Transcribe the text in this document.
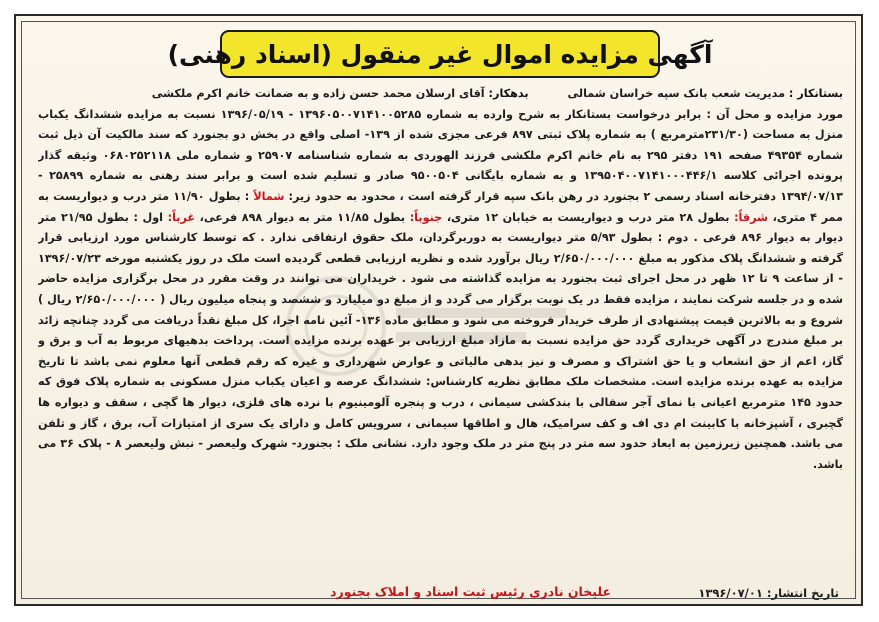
آگهی مزایده اموال غیر منقول (اسناد رهنی)

بستانکار : مدیریت شعب بانک سپه خراسان شمالی          بدهکار: آقای ارسلان محمد حسن زاده و به ضمانت خانم اکرم ملکشی

مورد مزایده و محل آن : برابر درخواست بستانکار به شرح وارده به شماره ۱۳۹۶۰۵۰۰۷۱۴۱۰۰۵۲۸۵ - ۱۳۹۶/۰۵/۱۹ نسبت به مزایده ششدانگ یکباب منزل به مساحت (۲۳۱/۳۰مترمربع ) به شماره پلاک ثبتی ۸۹۷ فرعی مجزی شده از ۱۳۹- اصلی واقع در بخش دو بجنورد که سند مالکیت آن ذیل ثبت شماره ۴۹۳۵۴ صفحه ۱۹۱ دفتر ۲۹۵ به نام خانم اکرم ملکشی فرزند الهوردی به شماره شناسنامه ۲۵۹۰۷ و شماره ملی ۰۶۸۰۲۵۲۱۱۸ وثیقه گذار پرونده اجرائی کلاسه ۱۳۹۵۰۴۰۰۷۱۴۱۰۰۰۴۴۶/۱ و به شماره بایگانی ۹۵۰۰۵۰۴ صادر و تسلیم شده است و برابر سند رهنی به شماره ۲۵۸۹۹ - ۱۳۹۴/۰۷/۱۳ دفترخانه اسناد رسمی ۲ بجنورد در رهن بانک سپه قرار گرفته است ، محدود به حدود زیر: شمالاً : بطول ۱۱/۹۰ متر درب و دیواریست به ممر ۴ متری، شرقاً: بطول ۲۸ متر درب و دیواریست به خیابان ۱۲ متری، جنوباً: بطول ۱۱/۸۵ متر به دیوار ۸۹۸ فرعی، غرباً: اول : بطول ۲۱/۹۵ متر دیوار به دیوار ۸۹۶ فرعی . دوم : بطول ۵/۹۳ متر دیواریست به دوربرگردان، ملک حقوق ارتفاقی ندارد . که توسط کارشناس مورد ارزیابی قرار گرفته و ششدانگ پلاک مذکور به مبلغ ۲/۶۵۰/۰۰۰/۰۰۰ ریال برآورد شده و نظریه ارزیابی قطعی گردیده است ملک در روز یکشنبه مورخه ۱۳۹۶/۰۷/۲۳ - از ساعت ۹ تا ۱۲ ظهر در محل اجرای ثبت بجنورد به مزایده گذاشته می شود . خریداران می توانند در وقت مقرر در محل برگزاری مزایده حاضر شده و در جلسه شرکت نمایند ، مزایده فقط در یک نوبت برگزار می گردد و از مبلغ دو میلیارد و ششصد و پنجاه میلیون ریال ( ۲/۶۵۰/۰۰۰/۰۰۰ ریال ) شروع و به بالاترین قیمت پیشنهادی از طرف خریدار فروخته می شود و مطابق ماده ۱۳۶- آئین نامه اجرا، کل مبلغ نقداً دریافت می گردد چنانچه زائد بر مبلغ مندرج در آگهی خریداری گردد حق مزایده نسبت به مازاد مبلغ ارزیابی بر عهده برنده مزایده است. پرداخت بدهیهای مربوط به آب و برق و گاز، اعم از حق انشعاب و یا حق اشتراک و مصرف و نیز بدهی مالیاتی و عوارض شهرداری و غیره که رقم قطعی آنها معلوم نمی باشد تا تاریخ مزایده به عهده برنده مزایده است. مشخصات ملک مطابق نظریه کارشناس: ششدانگ عرصه و اعیان یکباب منزل مسکونی به شماره پلاک فوق که حدود ۱۴۵ مترمربع اعیانی با نمای آجر سفالی با بندکشی سیمانی ، درب و پنجره آلومینیوم با نرده های فلزی، دیوار ها گچی ، سقف و دیواره ها گچبری ، آشپزخانه با کابینت ام دی اف و کف سرامیک، هال و اطاقها سیمانی ، سرویس کامل و دارای یک سری از امتیازات آب، برق ، گاز و تلفن می باشد. همچنین زیرزمین به ابعاد حدود سه متر در پنج متر در ملک وجود دارد. نشانی ملک : بجنورد- شهرک ولیعصر - نبش ولیعصر ۸ - پلاک ۳۶ می باشد.

علیخان نادری رئیس ثبت اسناد و املاک بجنورد	تاریخ انتشار: ۱۳۹۶/۰۷/۰۱
